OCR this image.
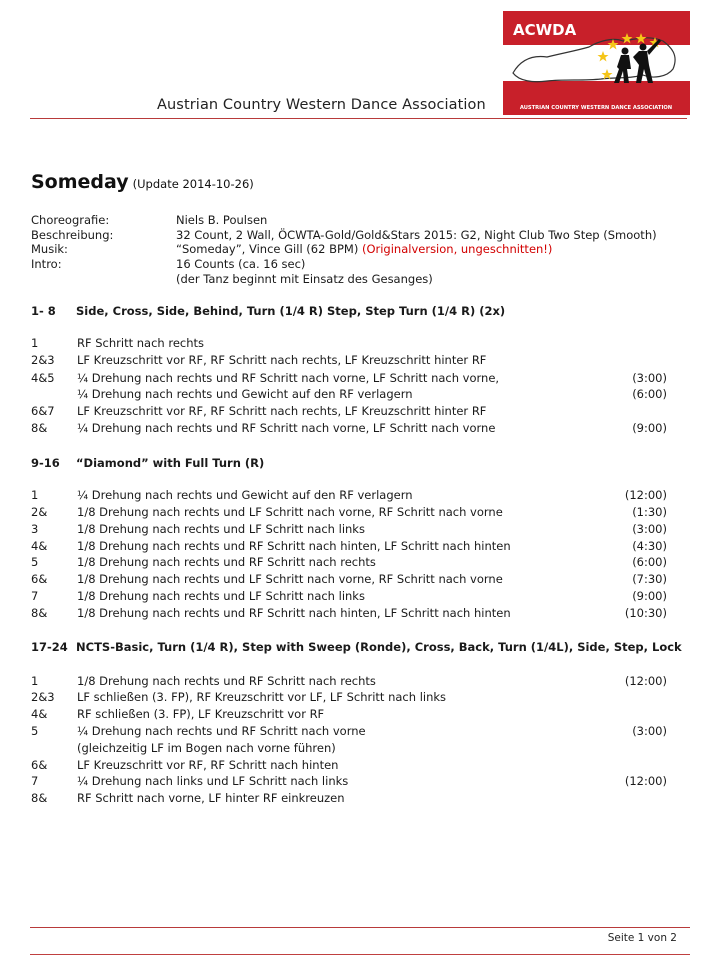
Austrian Country Western Dance Association
ACWDA
AUSTRIAN COUNTRY WESTERN DANCE ASSOCIATION
Someday (Update 2014-10-26)
Choreografie:	Niels B. Poulsen
Beschreibung:	32 Count, 2 Wall, ÖCWTA-Gold/Gold&Stars 2015: G2, Night Club Two Step (Smooth)
Musik:	“Someday”, Vince Gill (62 BPM) (Originalversion, ungeschnitten!)
Intro:	16 Counts (ca. 16 sec)
(der Tanz beginnt mit Einsatz des Gesanges)
1- 8 Side, Cross, Side, Behind, Turn (1/4 R) Step, Step Turn (1/4 R) (2x)
1	RF Schritt nach rechts
2&3 LF Kreuzschritt vor RF, RF Schritt nach rechts, LF Kreuzschritt hinter RF
4&5 ¼ Drehung nach rechts und RF Schritt nach vorne, LF Schritt nach vorne,	(3:00)
¼ Drehung nach rechts und Gewicht auf den RF verlagern	(6:00)
6&7 LF Kreuzschritt vor RF, RF Schritt nach rechts, LF Kreuzschritt hinter RF
8&	¼ Drehung nach rechts und RF Schritt nach vorne, LF Schritt nach vorne	(9:00)
9-16 “Diamond” with Full Turn (R)
1	¼ Drehung nach rechts und Gewicht auf den RF verlagern	(12:00)
2&	1/8 Drehung nach rechts und LF Schritt nach vorne, RF Schritt nach vorne	(1:30)
3	1/8 Drehung nach rechts und LF Schritt nach links	(3:00)
4&	1/8 Drehung nach rechts und RF Schritt nach hinten, LF Schritt nach hinten	(4:30)
5	1/8 Drehung nach rechts und RF Schritt nach rechts	(6:00)
6&	1/8 Drehung nach rechts und LF Schritt nach vorne, RF Schritt nach vorne	(7:30)
7	1/8 Drehung nach rechts und LF Schritt nach links	(9:00)
8&	1/8 Drehung nach rechts und RF Schritt nach hinten, LF Schritt nach hinten	(10:30)
17-24 NCTS-Basic, Turn (1/4 R), Step with Sweep (Ronde), Cross, Back, Turn (1/4L), Side, Step, Lock
1	1/8 Drehung nach rechts und RF Schritt nach rechts	(12:00)
2&3 LF schließen (3. FP), RF Kreuzschritt vor LF, LF Schritt nach links
4&	RF schließen (3. FP), LF Kreuzschritt vor RF
5	¼ Drehung nach rechts und RF Schritt nach vorne	(3:00)
(gleichzeitig LF im Bogen nach vorne führen)
6&	LF Kreuzschritt vor RF, RF Schritt nach hinten
7	¼ Drehung nach links und LF Schritt nach links	(12:00)
8&	RF Schritt nach vorne, LF hinter RF einkreuzen
Seite 1 von 2
